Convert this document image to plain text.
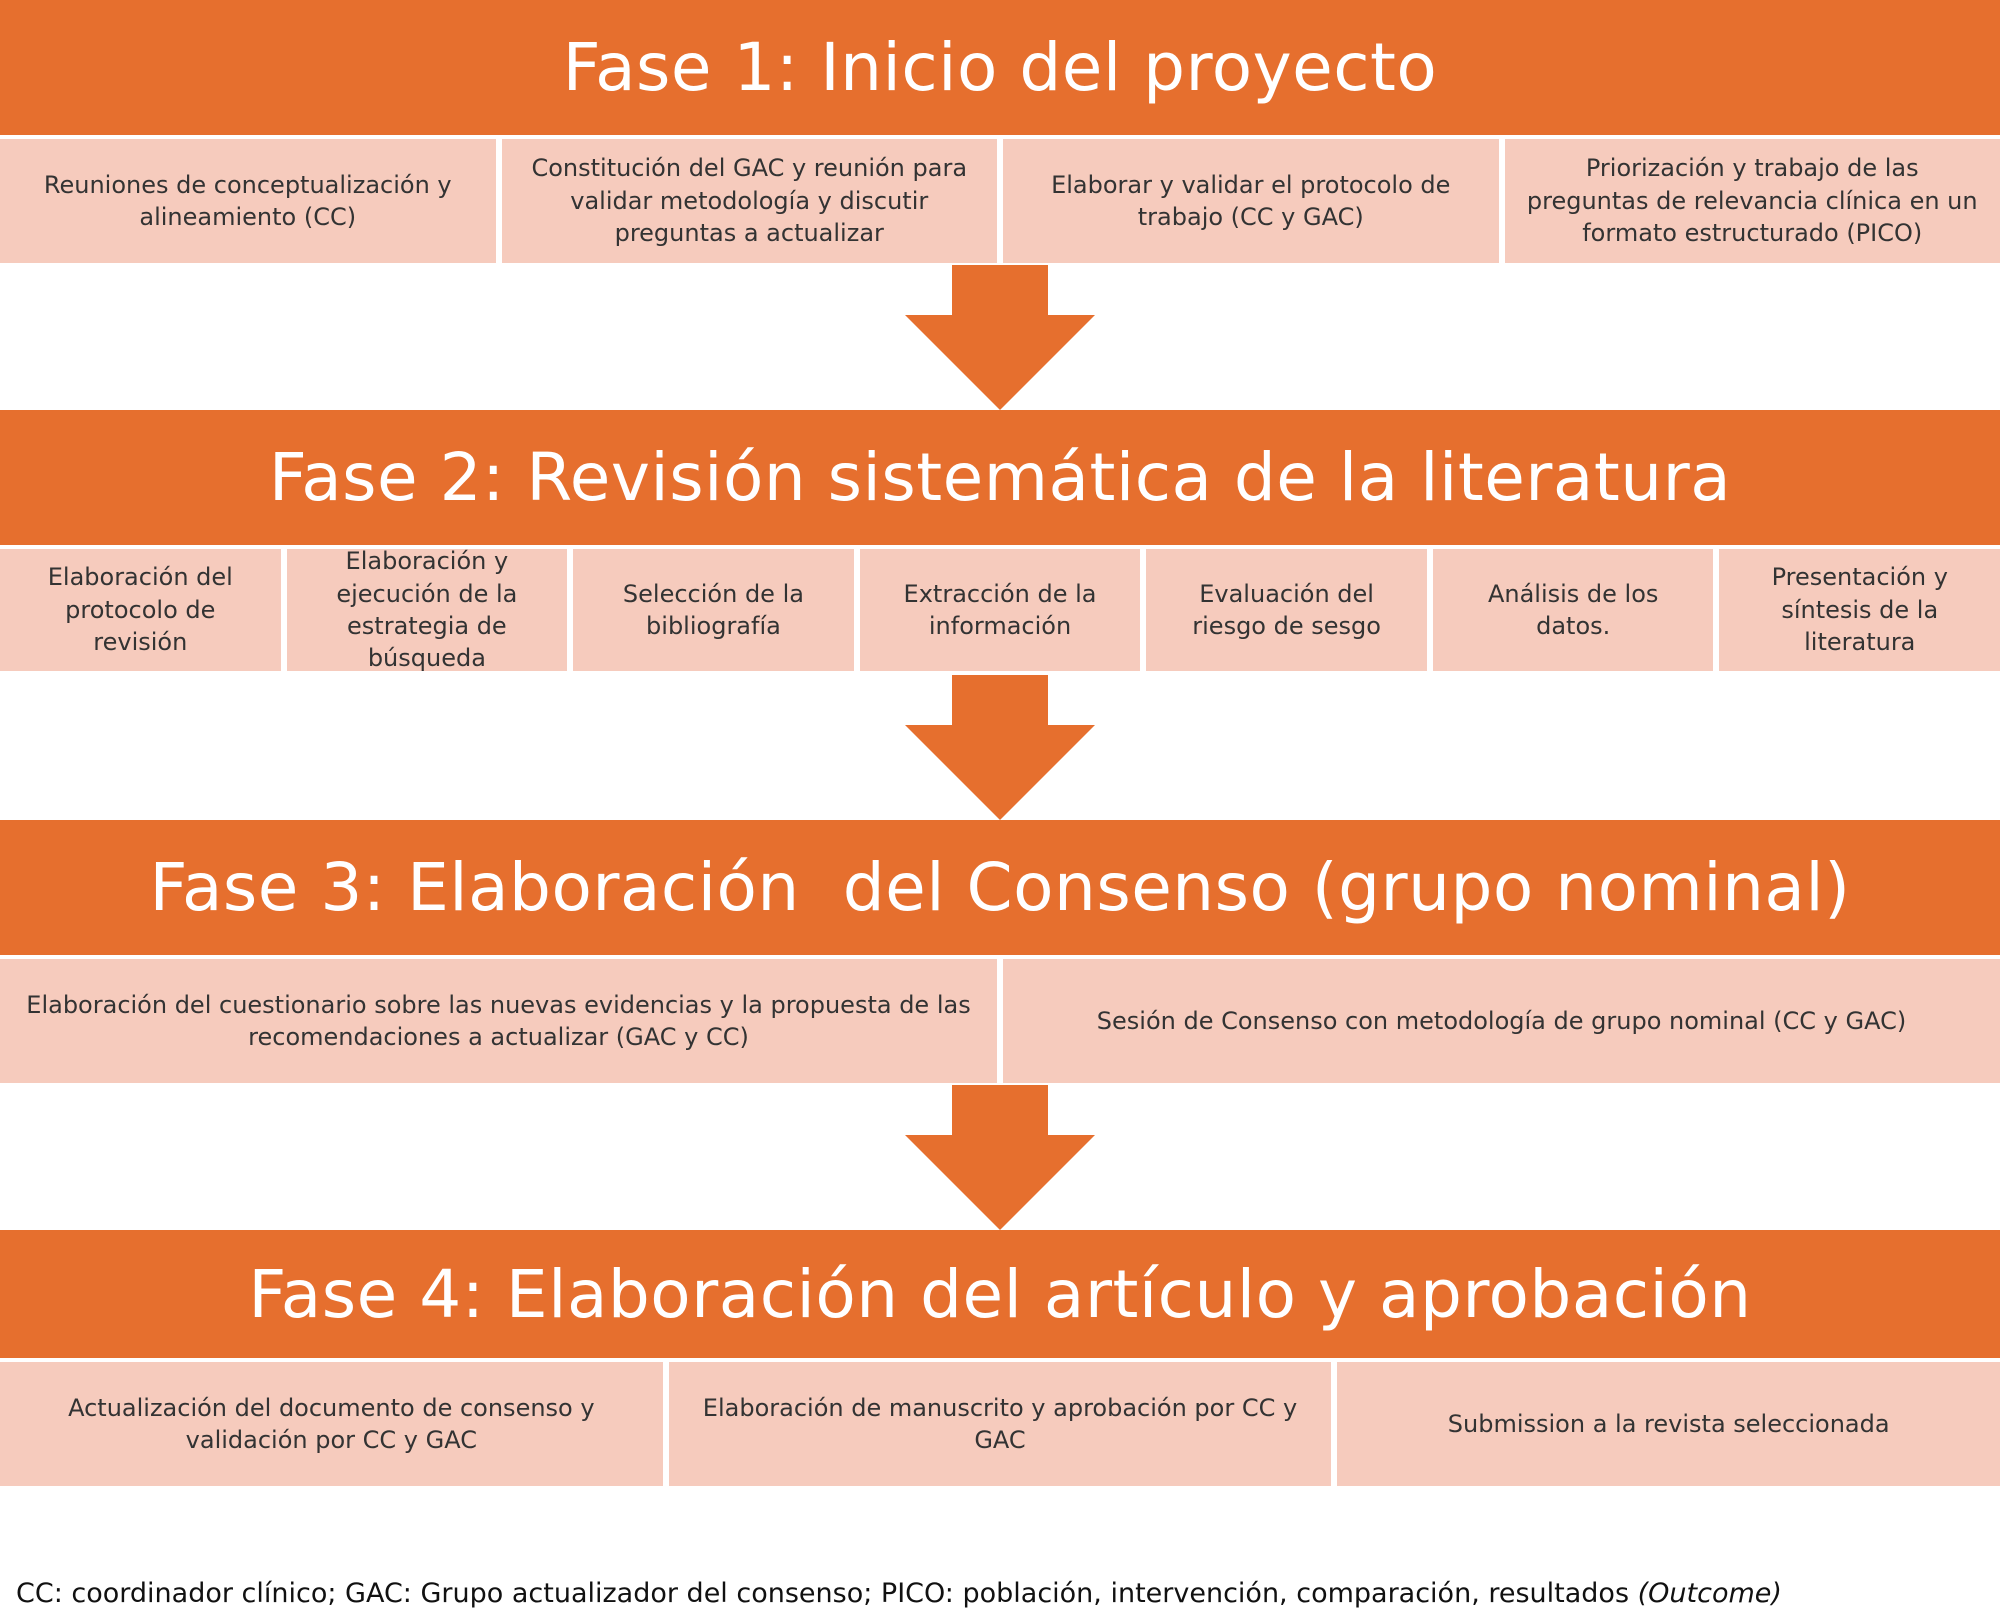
Fase 1: Inicio del proyecto
Reuniones de conceptualización y alineamiento (CC)
Constitución del GAC y reunión para validar metodología y discutir preguntas a actualizar
Elaborar y validar el protocolo de trabajo (CC y GAC)
Priorización y trabajo de las preguntas de relevancia clínica en un formato estructurado (PICO)
Fase 2: Revisión sistemática de la literatura
Elaboración del protocolo de revisión
Elaboración y ejecución de la estrategia de búsqueda
Selección de la bibliografía
Extracción de la información
Evaluación del riesgo de sesgo
Análisis de los datos.
Presentación y síntesis de la literatura
Fase 3: Elaboración  del Consenso (grupo nominal)
Elaboración del cuestionario sobre las nuevas evidencias y la propuesta de las recomendaciones a actualizar (GAC y CC)
Sesión de Consenso con metodología de grupo nominal (CC y GAC)
Fase 4: Elaboración del artículo y aprobación
Actualización del documento de consenso y validación por CC y GAC
Elaboración de manuscrito y aprobación por CC y GAC
Submission a la revista seleccionada
CC: coordinador clínico; GAC: Grupo actualizador del consenso; PICO: población, intervención, comparación, resultados (Outcome)
